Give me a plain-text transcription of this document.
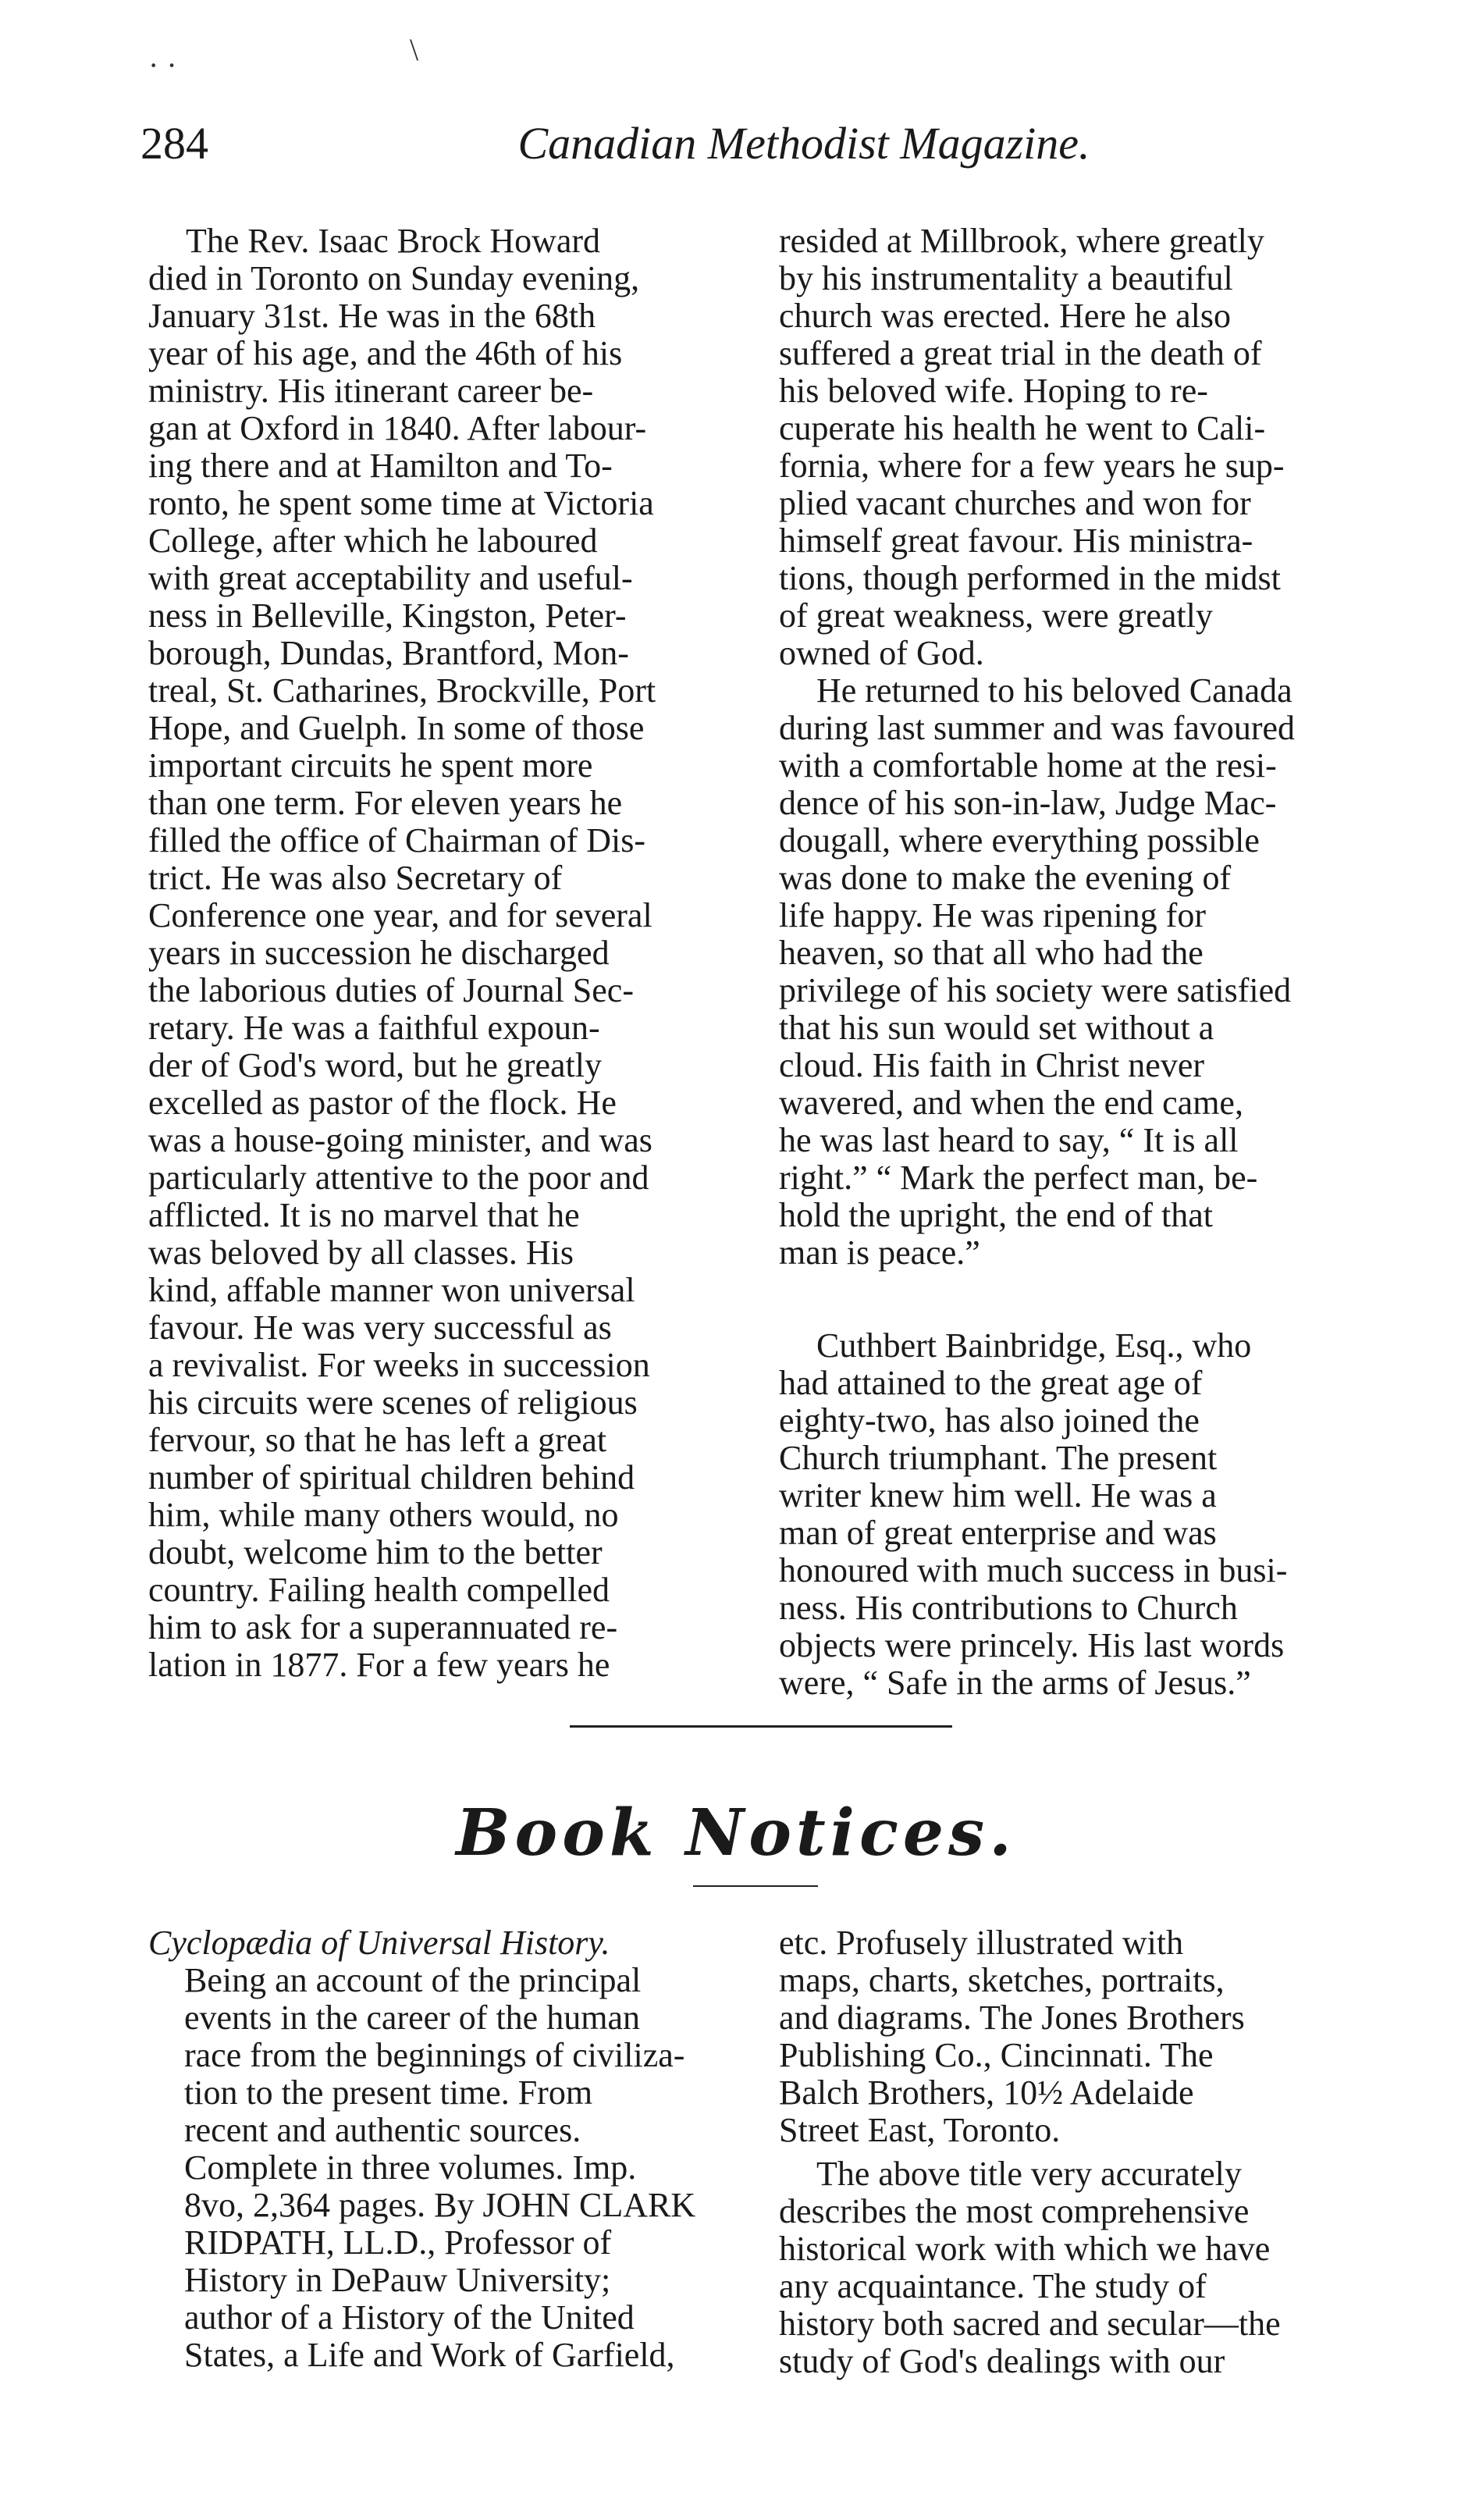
· ·	\
284	Canadian Methodist Magazine.

The Rev. Isaac Brock Howard
died in Toronto on Sunday evening,
January 31st. He was in the 68th
year of his age, and the 46th of his
ministry. His itinerant career be-
gan at Oxford in 1840. After labour-
ing there and at Hamilton and To-
ronto, he spent some time at Victoria
College, after which he laboured
with great acceptability and useful-
ness in Belleville, Kingston, Peter-
borough, Dundas, Brantford, Mon-
treal, St. Catharines, Brockville, Port
Hope, and Guelph. In some of those
important circuits he spent more
than one term. For eleven years he
filled the office of Chairman of Dis-
trict. He was also Secretary of
Conference one year, and for several
years in succession he discharged
the laborious duties of Journal Sec-
retary. He was a faithful expoun-
der of God's word, but he greatly
excelled as pastor of the flock. He
was a house-going minister, and was
particularly attentive to the poor and
afflicted. It is no marvel that he
was beloved by all classes. His
kind, affable manner won universal
favour. He was very successful as
a revivalist. For weeks in succession
his circuits were scenes of religious
fervour, so that he has left a great
number of spiritual children behind
him, while many others would, no
doubt, welcome him to the better
country. Failing health compelled
him to ask for a superannuated re-
lation in 1877. For a few years he

resided at Millbrook, where greatly
by his instrumentality a beautiful
church was erected. Here he also
suffered a great trial in the death of
his beloved wife. Hoping to re-
cuperate his health he went to Cali-
fornia, where for a few years he sup-
plied vacant churches and won for
himself great favour. His ministra-
tions, though performed in the midst
of great weakness, were greatly
owned of God.

He returned to his beloved Canada
during last summer and was favoured
with a comfortable home at the resi-
dence of his son-in-law, Judge Mac-
dougall, where everything possible
was done to make the evening of
life happy. He was ripening for
heaven, so that all who had the
privilege of his society were satisfied
that his sun would set without a
cloud. His faith in Christ never
wavered, and when the end came,
he was last heard to say, “ It is all
right.” “ Mark the perfect man, be-
hold the upright, the end of that
man is peace.”

Cuthbert Bainbridge, Esq., who
had attained to the great age of
eighty-two, has also joined the
Church triumphant. The present
writer knew him well. He was a
man of great enterprise and was
honoured with much success in busi-
ness. His contributions to Church
objects were princely. His last words
were, “ Safe in the arms of Jesus.”

Book Notices.
Cyclopædia of Universal History.

Being an account of the principal
events in the career of the human
race from the beginnings of civiliza-
tion to the present time. From
recent and authentic sources.
Complete in three volumes. Imp.
8vo, 2,364 pages. By JOHN CLARK
RIDPATH, LL.D., Professor of
History in DePauw University;
author of a History of the United
States, a Life and Work of Garfield,

etc. Profusely illustrated with
maps, charts, sketches, portraits,
and diagrams. The Jones Brothers
Publishing Co., Cincinnati. The
Balch Brothers, 10½ Adelaide
Street East, Toronto.

The above title very accurately
describes the most comprehensive
historical work with which we have
any acquaintance. The study of
history both sacred and secular—the
study of God's dealings with our
